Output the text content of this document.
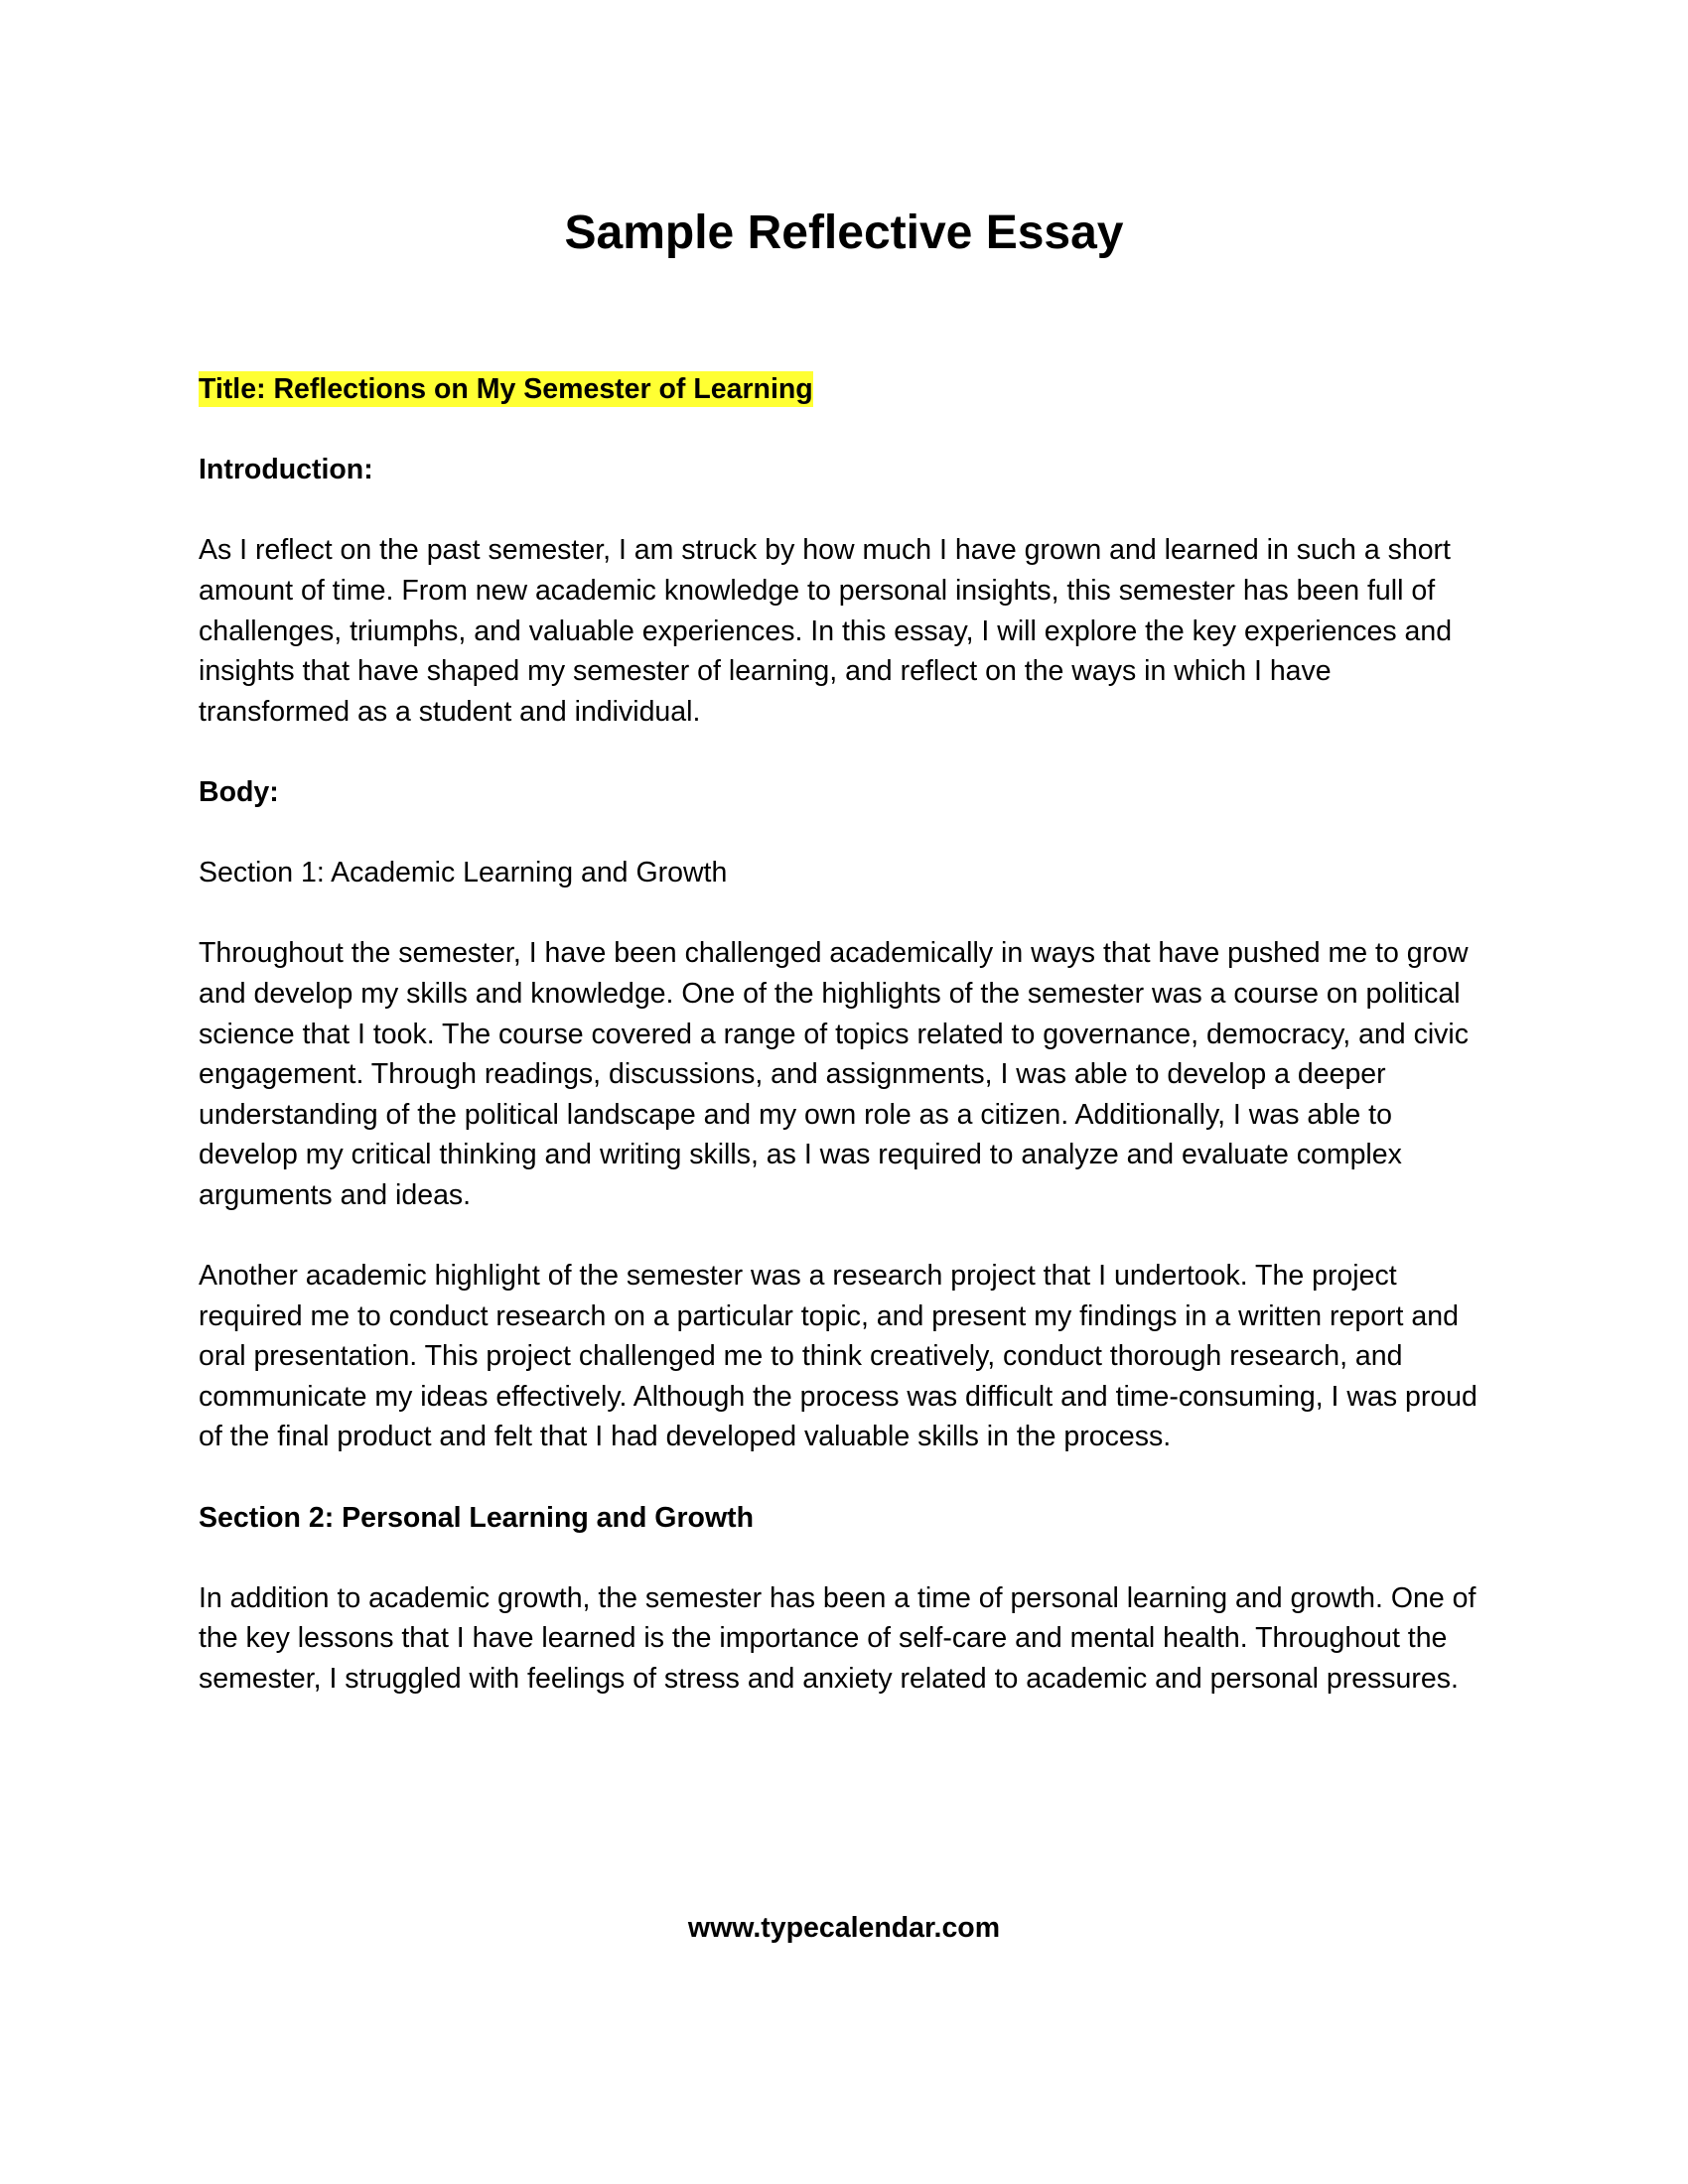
Sample Reflective Essay

Title: Reflections on My Semester of Learning

Introduction:

As I reflect on the past semester, I am struck by how much I have grown and learned in such a short amount of time. From new academic knowledge to personal insights, this semester has been full of challenges, triumphs, and valuable experiences. In this essay, I will explore the key experiences and insights that have shaped my semester of learning, and reflect on the ways in which I have transformed as a student and individual.

Body:

Section 1: Academic Learning and Growth

Throughout the semester, I have been challenged academically in ways that have pushed me to grow and develop my skills and knowledge. One of the highlights of the semester was a course on political science that I took. The course covered a range of topics related to governance, democracy, and civic engagement. Through readings, discussions, and assignments, I was able to develop a deeper understanding of the political landscape and my own role as a citizen. Additionally, I was able to develop my critical thinking and writing skills, as I was required to analyze and evaluate complex arguments and ideas.

Another academic highlight of the semester was a research project that I undertook. The project required me to conduct research on a particular topic, and present my findings in a written report and oral presentation. This project challenged me to think creatively, conduct thorough research, and communicate my ideas effectively. Although the process was difficult and time-consuming, I was proud of the final product and felt that I had developed valuable skills in the process.

Section 2: Personal Learning and Growth

In addition to academic growth, the semester has been a time of personal learning and growth. One of the key lessons that I have learned is the importance of self-care and mental health. Throughout the semester, I struggled with feelings of stress and anxiety related to academic and personal pressures.

www.typecalendar.com
